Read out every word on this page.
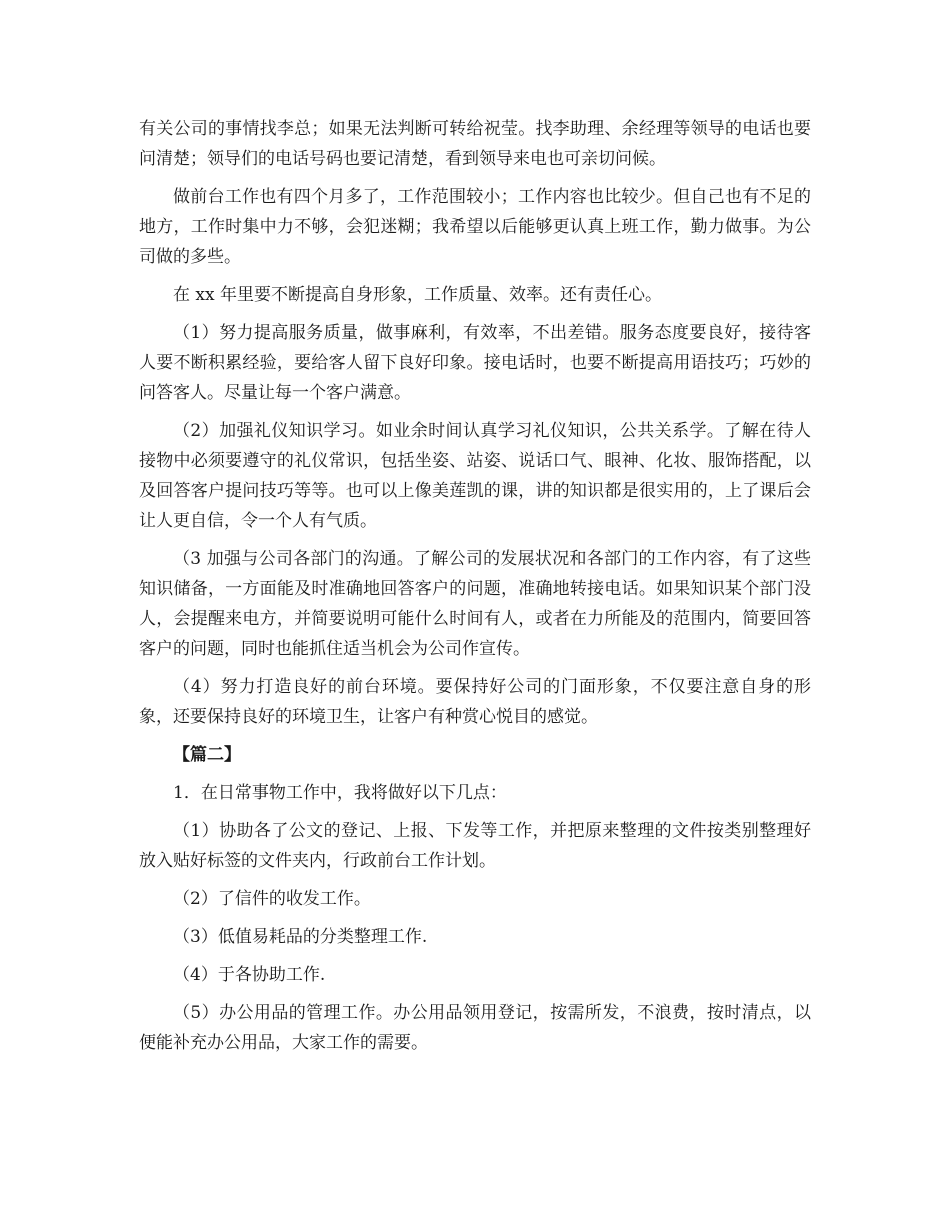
有关公司的事情找李总；如果无法判断可转给祝莹。找李助理、余经理等领导的电话也要问清楚；领导们的电话号码也要记清楚，看到领导来电也可亲切问候。

做前台工作也有四个月多了，工作范围较小；工作内容也比较少。但自己也有不足的地方，工作时集中力不够，会犯迷糊；我希望以后能够更认真上班工作，勤力做事。为公司做的多些。

在 xx 年里要不断提高自身形象，工作质量、效率。还有责任心。

（1）努力提高服务质量，做事麻利，有效率，不出差错。服务态度要良好，接待客人要不断积累经验，要给客人留下良好印象。接电话时，也要不断提高用语技巧；巧妙的问答客人。尽量让每一个客户满意。

（2）加强礼仪知识学习。如业余时间认真学习礼仪知识，公共关系学。了解在待人接物中必须要遵守的礼仪常识，包括坐姿、站姿、说话口气、眼神、化妆、服饰搭配，以及回答客户提问技巧等等。也可以上像美莲凯的课，讲的知识都是很实用的，上了课后会让人更自信，令一个人有气质。

（3 加强与公司各部门的沟通。了解公司的发展状况和各部门的工作内容，有了这些知识储备，一方面能及时准确地回答客户的问题，准确地转接电话。如果知识某个部门没人，会提醒来电方，并简要说明可能什么时间有人，或者在力所能及的范围内，简要回答客户的问题，同时也能抓住适当机会为公司作宣传。

（4）努力打造良好的前台环境。要保持好公司的门面形象，不仅要注意自身的形象，还要保持良好的环境卫生，让客户有种赏心悦目的感觉。

【篇二】

1．在日常事物工作中，我将做好以下几点：

（1）协助各了公文的登记、上报、下发等工作，并把原来整理的文件按类别整理好放入贴好标签的文件夹内，行政前台工作计划。

（2）了信件的收发工作。

（3）低值易耗品的分类整理工作.

（4）于各协助工作.

（5）办公用品的管理工作。办公用品领用登记，按需所发，不浪费，按时清点，以便能补充办公用品，大家工作的需要。
